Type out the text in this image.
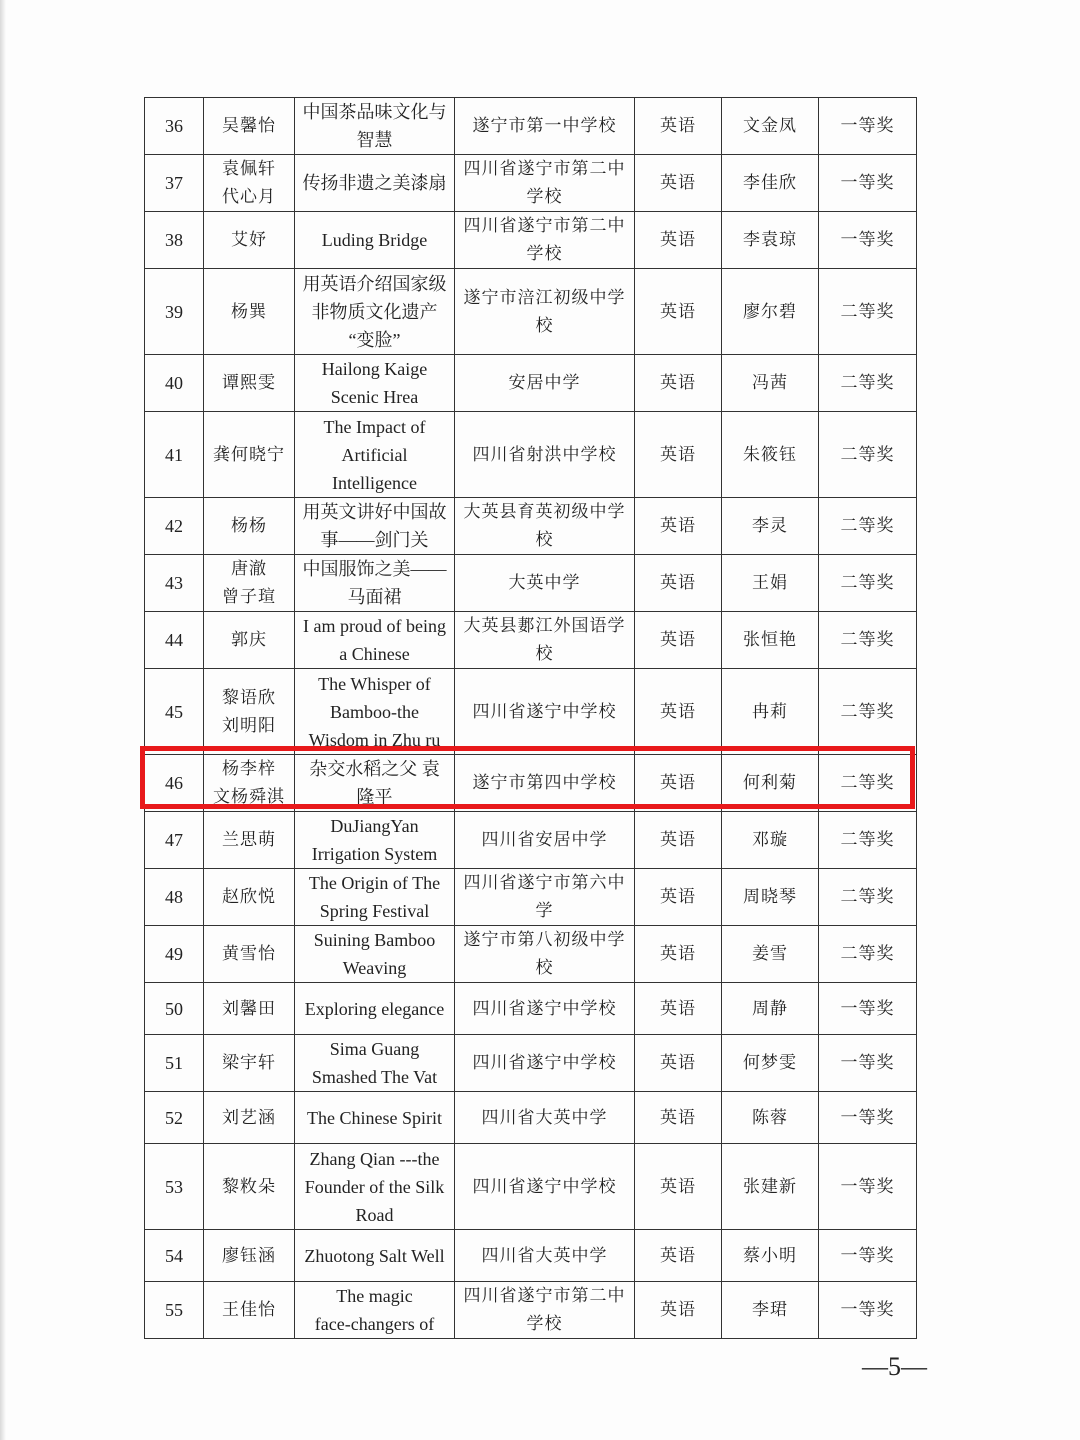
36	吴馨怡	中国茶品味文化与
智慧	遂宁市第一中学校	英语	文金凤	一等奖
37	袁佩轩
代心月	传扬非遗之美漆扇	四川省遂宁市第二中
学校	英语	李佳欣	一等奖
38	艾妤	Luding Bridge	四川省遂宁市第二中
学校	英语	李袁琼	一等奖
39	杨巽	用英语介绍国家级
非物质文化遗产
“变脸”	遂宁市涪江初级中学
校	英语	廖尔碧	二等奖
40	谭熙雯	Hailong Kaige
Scenic Hrea	安居中学	英语	冯茜	二等奖
41	龚何晓宁	The Impact of
Artificial
Intelligence	四川省射洪中学校	英语	朱筱钰	二等奖
42	杨杨	用英文讲好中国故
事——剑门关	大英县育英初级中学
校	英语	李灵	二等奖
43	唐澈
曾子瑄	中国服饰之美——
马面裙	大英中学	英语	王娟	二等奖
44	郭庆	I am proud of being
a Chinese	大英县郪江外国语学
校	英语	张恒艳	二等奖
45	黎语欣
刘明阳	The Whisper of
Bamboo-the
Wisdom in Zhu ru	四川省遂宁中学校	英语	冉莉	二等奖
46	杨李梓
文杨舜淇	杂交水稻之父 袁
隆平	遂宁市第四中学校	英语	何利菊	二等奖
47	兰思萌	DuJiangYan
Irrigation System	四川省安居中学	英语	邓璇	二等奖
48	赵欣悦	The Origin of The
Spring Festival	四川省遂宁市第六中
学	英语	周晓琴	二等奖
49	黄雪怡	Suining Bamboo
Weaving	遂宁市第八初级中学
校	英语	姜雪	二等奖
50	刘馨田	Exploring elegance	四川省遂宁中学校	英语	周静	一等奖
51	梁宇轩	Sima Guang
Smashed The Vat	四川省遂宁中学校	英语	何梦雯	一等奖
52	刘艺涵	The Chinese Spirit	四川省大英中学	英语	陈蓉	一等奖
53	黎敉朵	Zhang Qian ---the
Founder of the Silk
Road	四川省遂宁中学校	英语	张建新	一等奖
54	廖钰涵	Zhuotong Salt Well	四川省大英中学	英语	蔡小明	一等奖
55	王佳怡	The magic
face-changers of	四川省遂宁市第二中
学校	英语	李珺	一等奖
—5—
